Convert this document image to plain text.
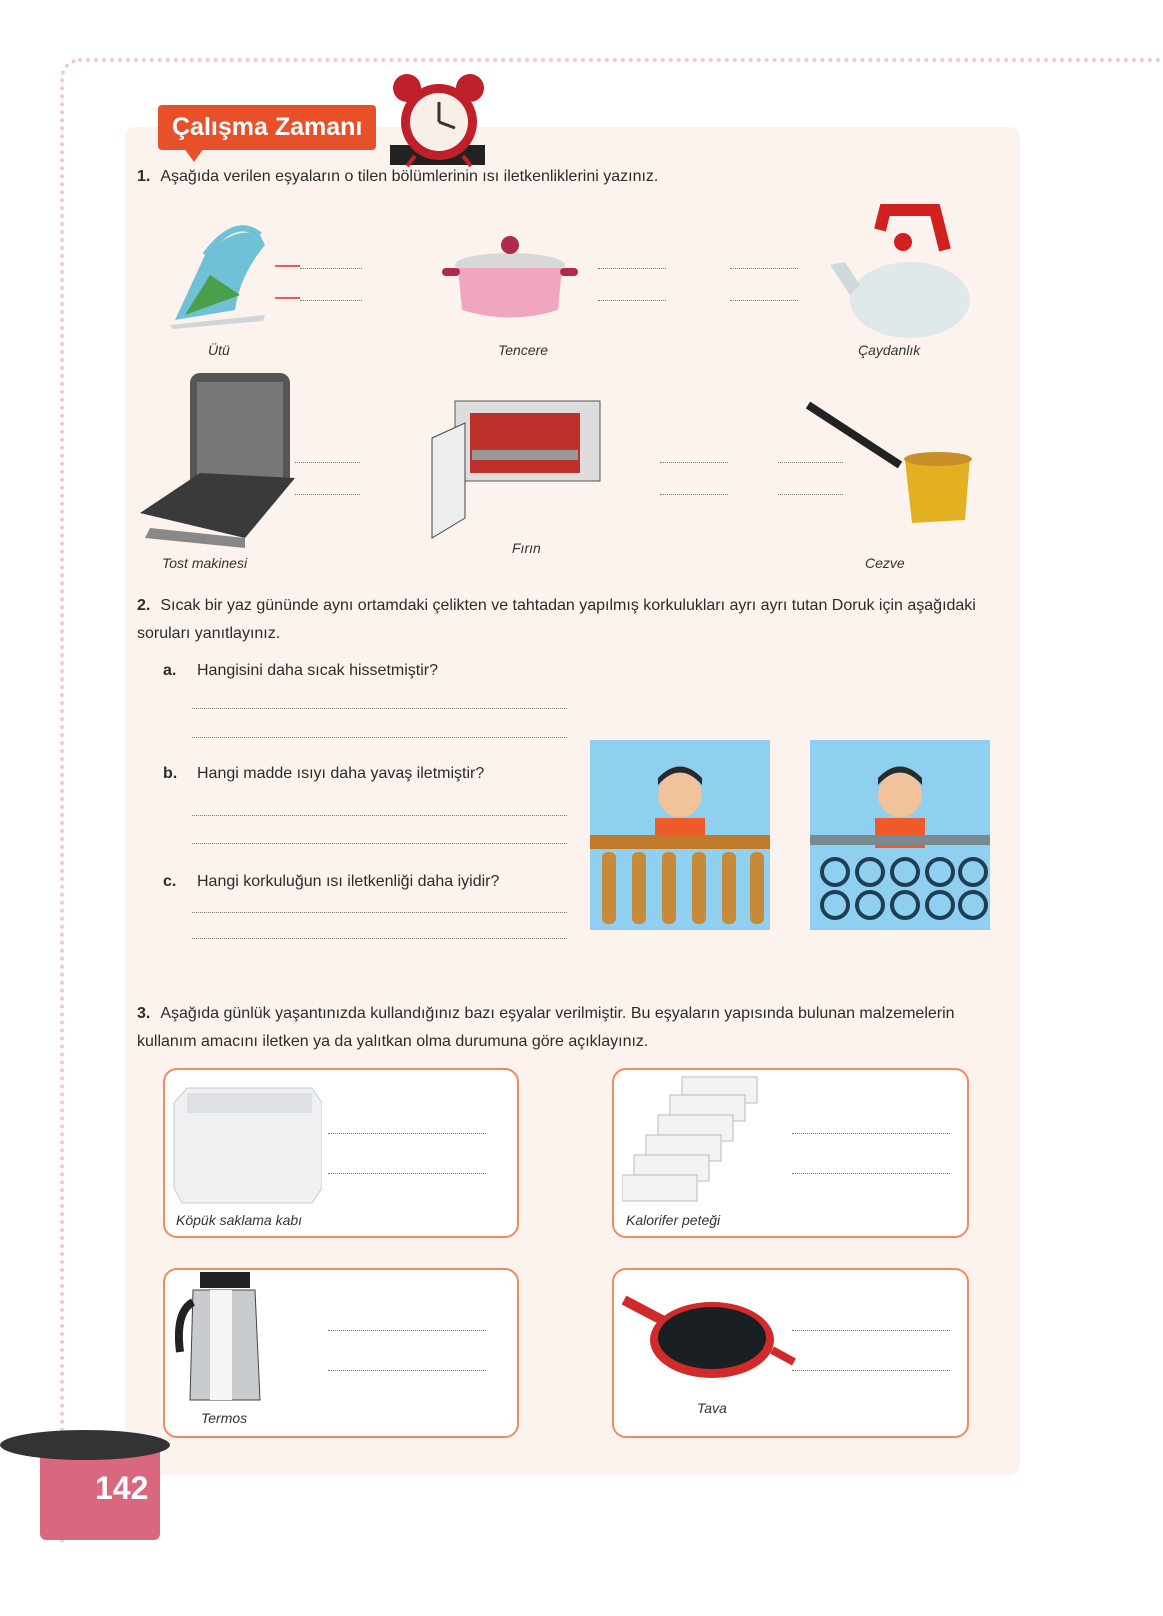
Çalışma Zamanı
1. Aşağıda verilen eşyaların o tilen bölümlerinin ısı iletkenliklerini yazınız.
Ütü	Tencere	Çaydanlık
Tost makinesi
Fırın
Cezve
2. Sıcak bir yaz gününde aynı ortamdaki çelikten ve tahtadan yapılmış korkulukları ayrı ayrı tutan Doruk için aşağıdaki soruları yanıtlayınız.
a. Hangisini daha sıcak hissetmiştir?
b. Hangi madde ısıyı daha yavaş iletmiştir?
c. Hangi korkuluğun ısı iletkenliği daha iyidir?
3. Aşağıda günlük yaşantınızda kullandığınız bazı eşyalar verilmiştir. Bu eşyaların yapısında bulunan malzemelerin kullanım amacını iletken ya da yalıtkan olma durumuna göre açıklayınız.
Köpük saklama kabı	Kalorifer peteği
Termos
Tava
142
